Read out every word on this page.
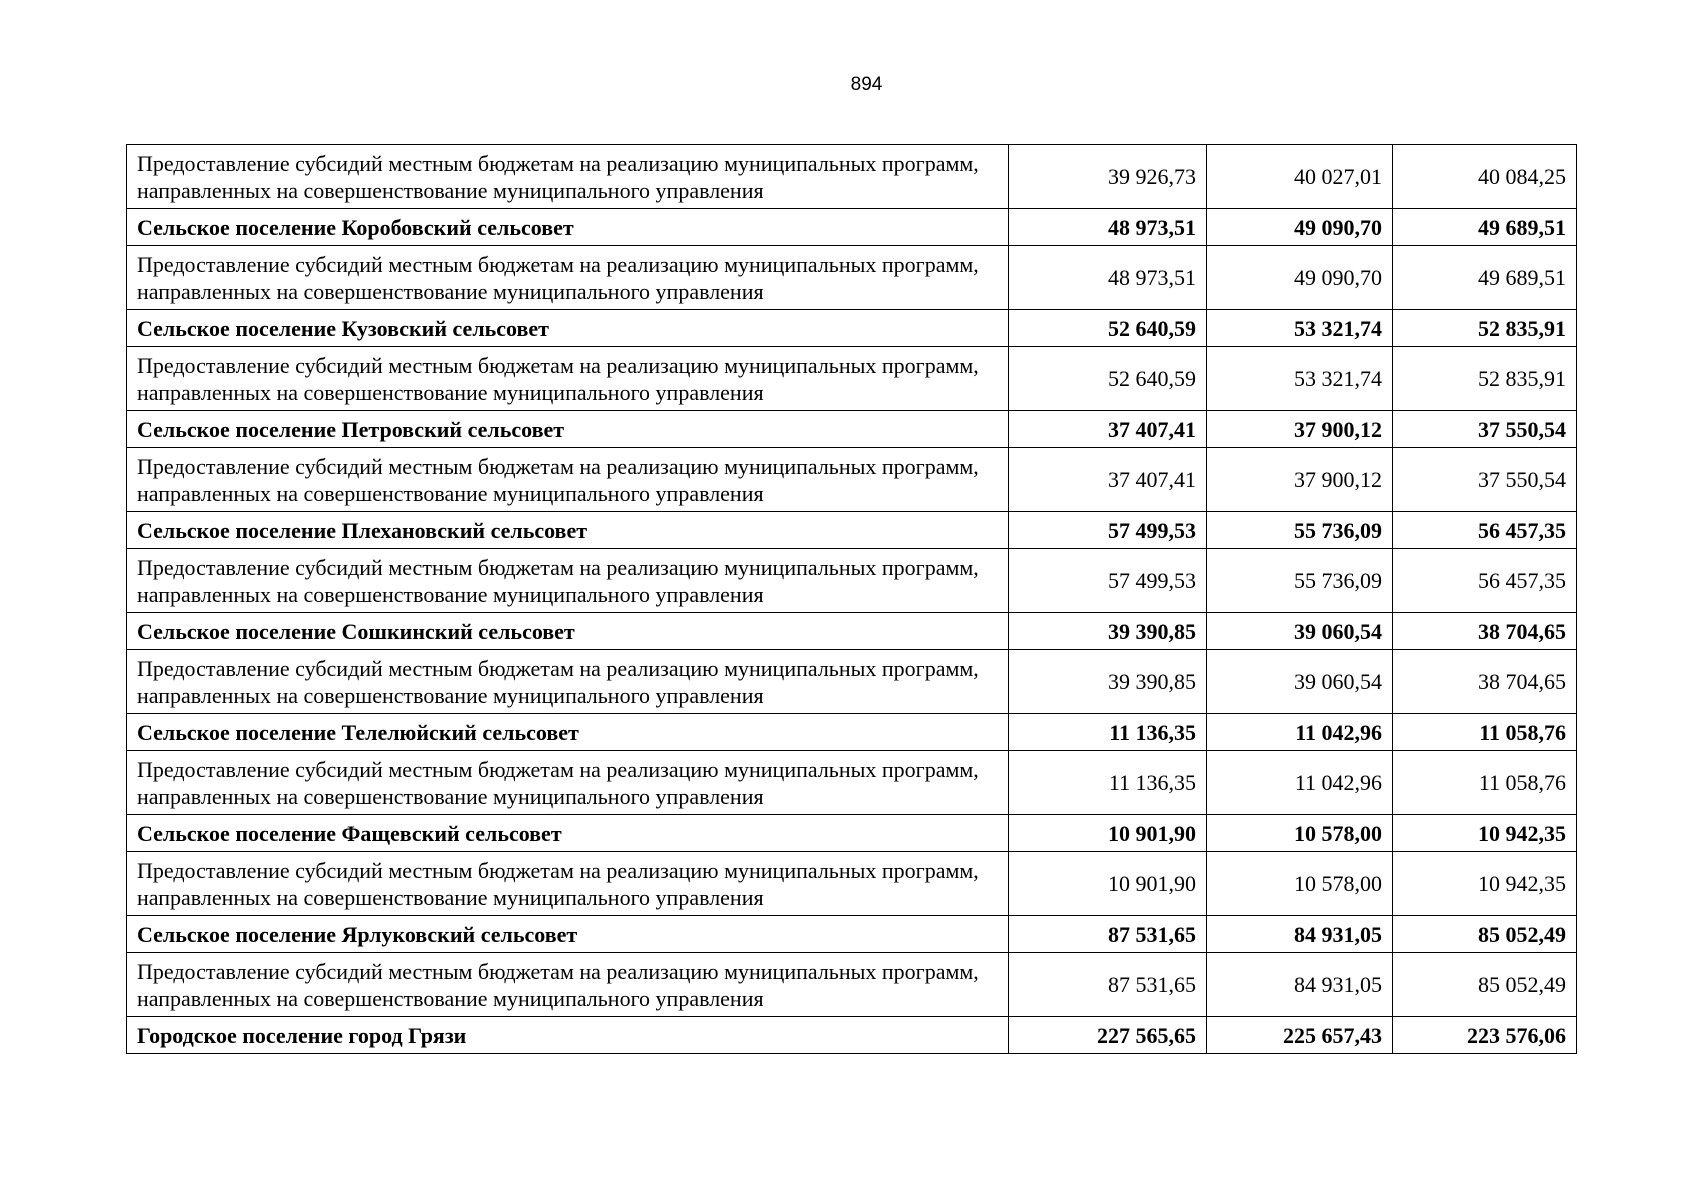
894
Предоставление субсидий местным бюджетам на реализацию муниципальных программ, направленных на совершенствование муниципального управления	39 926,73	40 027,01	40 084,25
Сельское поселение Коробовский сельсовет	48 973,51	49 090,70	49 689,51
Предоставление субсидий местным бюджетам на реализацию муниципальных программ, направленных на совершенствование муниципального управления	48 973,51	49 090,70	49 689,51
Сельское поселение Кузовский сельсовет	52 640,59	53 321,74	52 835,91
Предоставление субсидий местным бюджетам на реализацию муниципальных программ, направленных на совершенствование муниципального управления	52 640,59	53 321,74	52 835,91
Сельское поселение Петровский сельсовет	37 407,41	37 900,12	37 550,54
Предоставление субсидий местным бюджетам на реализацию муниципальных программ, направленных на совершенствование муниципального управления	37 407,41	37 900,12	37 550,54
Сельское поселение Плехановский сельсовет	57 499,53	55 736,09	56 457,35
Предоставление субсидий местным бюджетам на реализацию муниципальных программ, направленных на совершенствование муниципального управления	57 499,53	55 736,09	56 457,35
Сельское поселение Сошкинский сельсовет	39 390,85	39 060,54	38 704,65
Предоставление субсидий местным бюджетам на реализацию муниципальных программ, направленных на совершенствование муниципального управления	39 390,85	39 060,54	38 704,65
Сельское поселение Телелюйский сельсовет	11 136,35	11 042,96	11 058,76
Предоставление субсидий местным бюджетам на реализацию муниципальных программ, направленных на совершенствование муниципального управления	11 136,35	11 042,96	11 058,76
Сельское поселение Фащевский сельсовет	10 901,90	10 578,00	10 942,35
Предоставление субсидий местным бюджетам на реализацию муниципальных программ, направленных на совершенствование муниципального управления	10 901,90	10 578,00	10 942,35
Сельское поселение Ярлуковский сельсовет	87 531,65	84 931,05	85 052,49
Предоставление субсидий местным бюджетам на реализацию муниципальных программ, направленных на совершенствование муниципального управления	87 531,65	84 931,05	85 052,49
Городское поселение город Грязи	227 565,65	225 657,43	223 576,06
